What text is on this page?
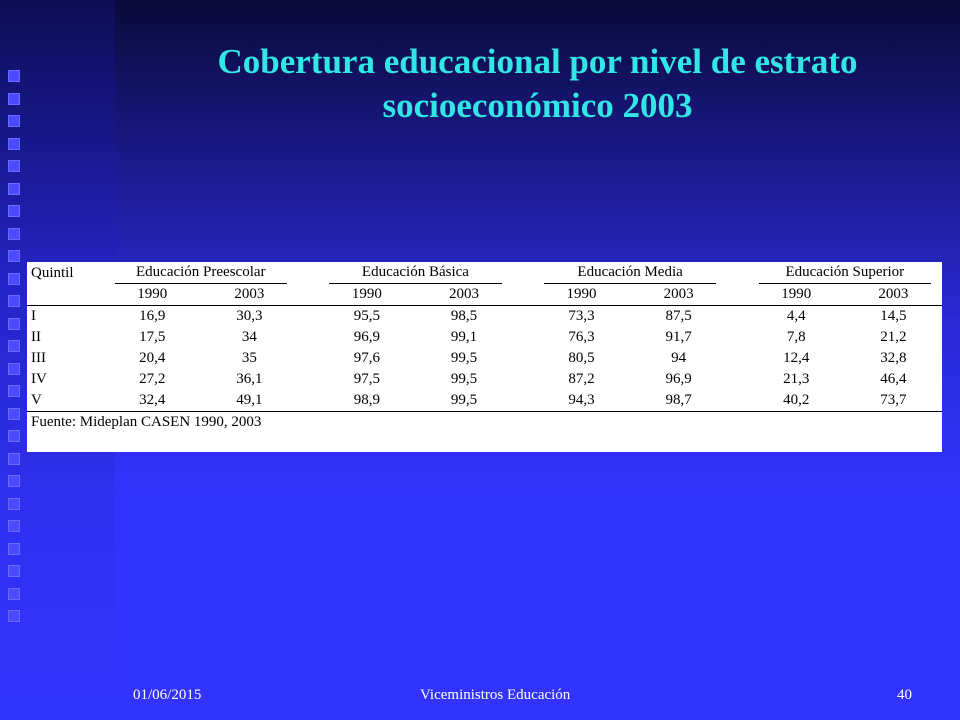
Cobertura educacional por nivel de estrato
socioeconómico 2003
Quintil	Educación Preescolar			Educación Básica			Educación Media			Educación Superior	
	1990	2003		1990	2003		1990	2003		1990	2003
I	16,9	30,3		95,5	98,5		73,3	87,5		4,4	14,5
II	17,5	34		96,9	99,1		76,3	91,7		7,8	21,2
III	20,4	35		97,6	99,5		80,5	94		12,4	32,8
IV	27,2	36,1		97,5	99,5		87,2	96,9		21,3	46,4
V	32,4	49,1		98,9	99,5		94,3	98,7		40,2	73,7
Fuente: Mideplan CASEN 1990, 2003											
01/06/2015	Viceministros Educación	40
